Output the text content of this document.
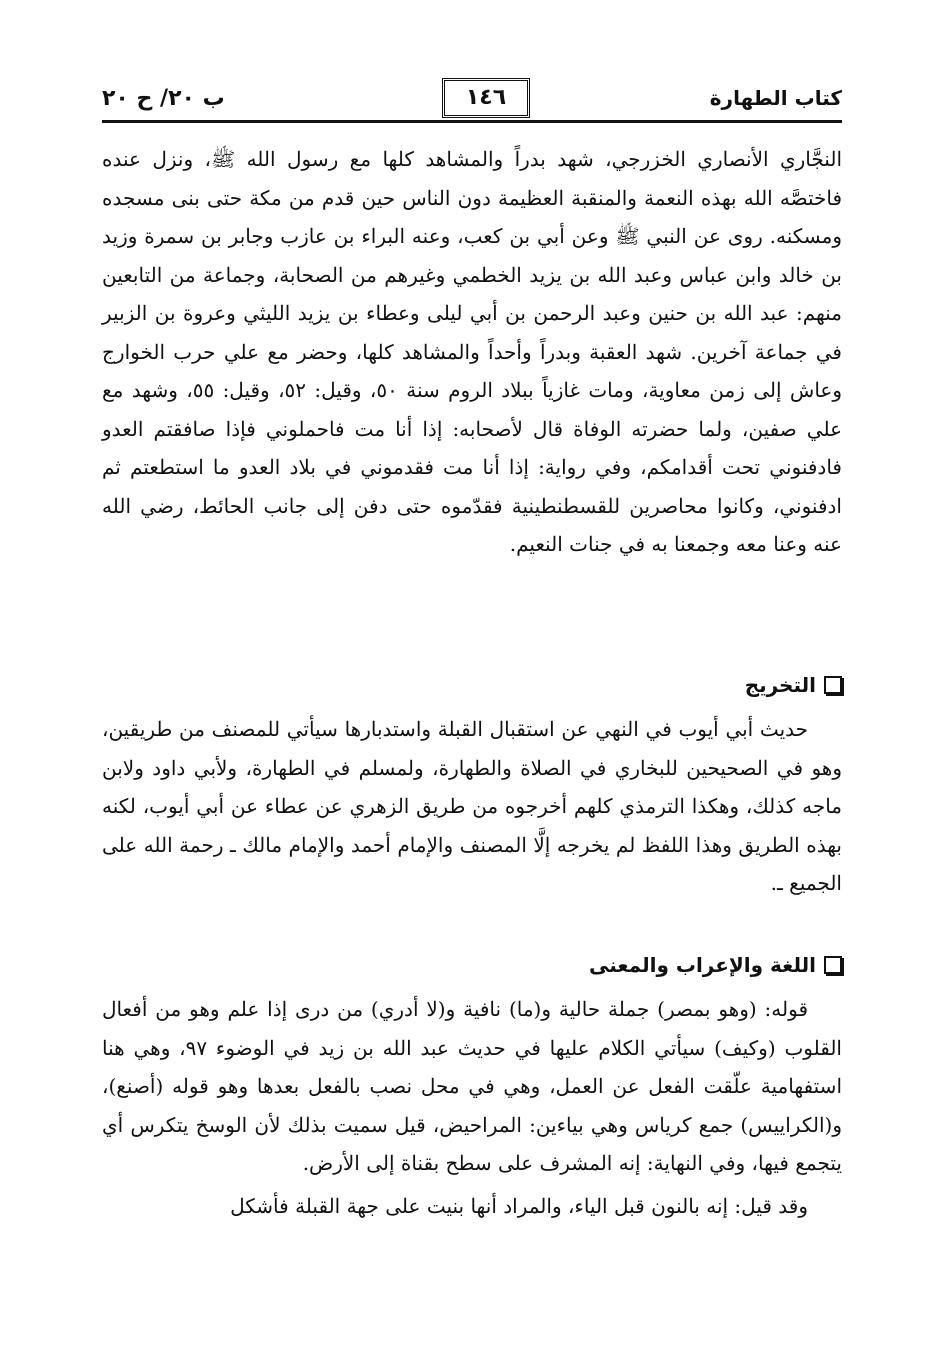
ب ٢٠/ ح ٢٠	١٤٦	كتاب الطهارة

النجَّاري الأنصاري الخزرجي، شهد بدراً والمشاهد كلها مع رسول الله ﷺ، ونزل عنده فاختصَّه الله بهذه النعمة والمنقبة العظيمة دون الناس حين قدم من مكة حتى بنى مسجده ومسكنه. روى عن النبي ﷺ وعن أبي بن كعب، وعنه البراء بن عازب وجابر بن سمرة وزيد بن خالد وابن عباس وعبد الله بن يزيد الخطمي وغيرهم من الصحابة، وجماعة من التابعين منهم: عبد الله بن حنين وعبد الرحمن بن أبي ليلى وعطاء بن يزيد الليثي وعروة بن الزبير في جماعة آخرين. شهد العقبة وبدراً وأحداً والمشاهد كلها، وحضر مع علي حرب الخوارج وعاش إلى زمن معاوية، ومات غازياً ببلاد الروم سنة ٥٠، وقيل: ٥٢، وقيل: ٥٥، وشهد مع علي صفين، ولما حضرته الوفاة قال لأصحابه: إذا أنا مت فاحملوني فإذا صافقتم العدو فادفنوني تحت أقدامكم، وفي رواية: إذا أنا مت فقدموني في بلاد العدو ما استطعتم ثم ادفنوني، وكانوا محاصرين للقسطنطينية فقدّموه حتى دفن إلى جانب الحائط، رضي الله عنه وعنا معه وجمعنا به في جنات النعيم.

التخريج

حديث أبي أيوب في النهي عن استقبال القبلة واستدبارها سيأتي للمصنف من طريقين، وهو في الصحيحين للبخاري في الصلاة والطهارة، ولمسلم في الطهارة، ولأبي داود ولابن ماجه كذلك، وهكذا الترمذي كلهم أخرجوه من طريق الزهري عن عطاء عن أبي أيوب، لكنه بهذه الطريق وهذا اللفظ لم يخرجه إلَّا المصنف والإمام أحمد والإمام مالك ـ رحمة الله على الجميع ـ.

اللغة والإعراب والمعنى

قوله: (وهو بمصر) جملة حالية و(ما) نافية و(لا أدري) من درى إذا علم وهو من أفعال القلوب (وكيف) سيأتي الكلام عليها في حديث عبد الله بن زيد في الوضوء ٩٧، وهي هنا استفهامية علّقت الفعل عن العمل، وهي في محل نصب بالفعل بعدها وهو قوله (أصنع)، و(الكراييس) جمع كرياس وهي بياءين: المراحيض، قيل سميت بذلك لأن الوسخ يتكرس أي يتجمع فيها، وفي النهاية: إنه المشرف على سطح بقناة إلى الأرض.

وقد قيل: إنه بالنون قبل الياء، والمراد أنها بنيت على جهة القبلة فأشكل
